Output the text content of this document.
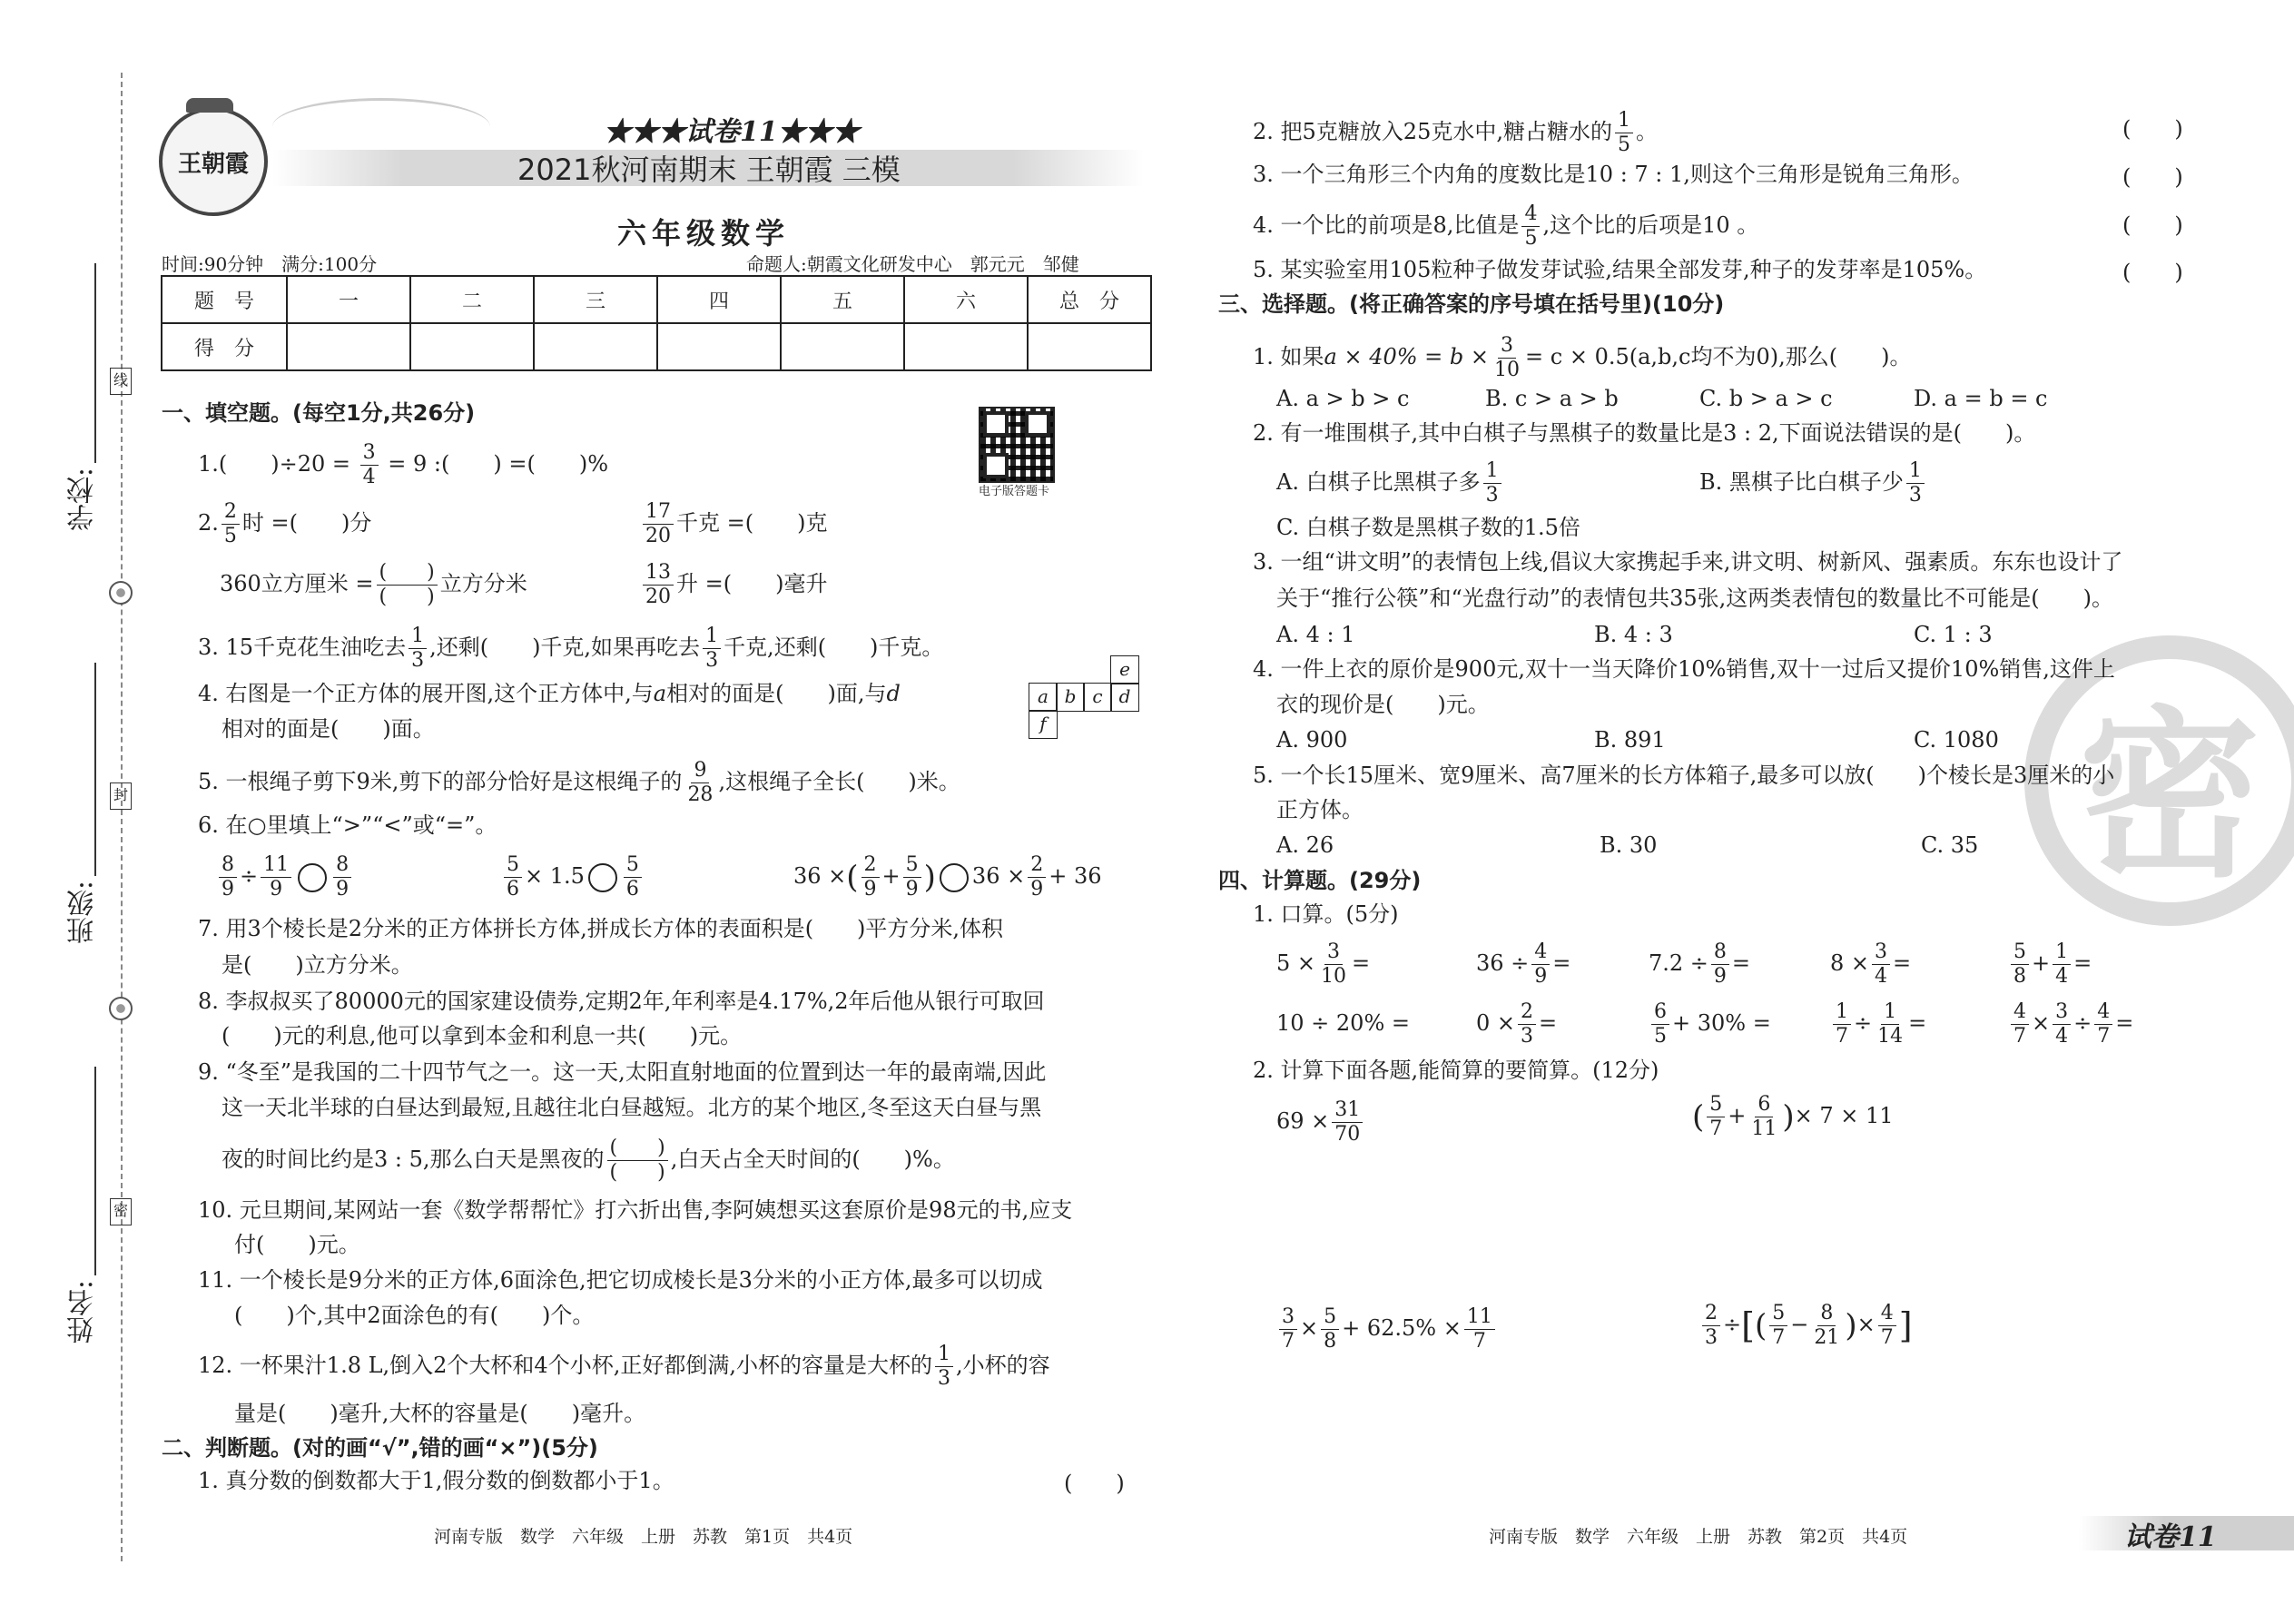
线
封
密
学校:
班级:
姓名:
王朝霞
★★★试卷11★★★
2021秋河南期末 王朝霞 三模
六年级数学
时间:90分钟　满分:100分	命题人:朝霞文化研发中心　郭元元　邹健
题　号	一	二	三	四	五	六	总　分
得　分							
电子版答题卡
一、填空题。(每空1分,共26分)
1.(　　)$\div 20 = \frac{3}{4} = 9$ :(　　) =(　　)%
2. $\frac{2}{5}$ 时 =(　　)分	$\frac{17}{20}$ 千克 =(　　)克
360立方厘米 = $\frac{( )}{( )}$ 立方分米	$\frac{13}{20}$ 升 =(　　)毫升
3. 15千克花生油吃去 $\frac{1}{3}$ ,还剩(　　)千克,如果再吃去 $\frac{1}{3}$ 千克,还剩(　　)千克。
4. 右图是一个正方体的展开图,这个正方体中,与a相对的面是(　　)面,与d
相对的面是(　　)面。
a b c d
e
f
5. 一根绳子剪下9米,剪下的部分恰好是这根绳子的 $\frac{9}{28}$ ,这根绳子全长(　　)米。
6. 在○里填上“>”“<”或“=”。
$\frac{8}{9} \div \frac{11}{9} \frac{8}{9}$	$\frac{5}{6} \times 1.5 \frac{5}{6}$	36 ×( $\frac{2}{9} + \frac{5}{9}$ ) $36 \times \frac{2}{9} + 36$
7. 用3个棱长是2分米的正方体拼长方体,拼成长方体的表面积是(　　)平方分米,体积
是(　　)立方分米。
8. 李叔叔买了80000元的国家建设债券,定期2年,年利率是4.17%,2年后他从银行可取回
(　　)元的利息,他可以拿到本金和利息一共(　　)元。
9. “冬至”是我国的二十四节气之一。这一天,太阳直射地面的位置到达一年的最南端,因此
这一天北半球的白昼达到最短,且越往北白昼越短。北方的某个地区,冬至这天白昼与黑
夜的时间比约是3 : 5,那么白天是黑夜的 $\frac{( )}{( )}$ ,白天占全天时间的(　　)%。
10. 元旦期间,某网站一套《数学帮帮忙》打六折出售,李阿姨想买这套原价是98元的书,应支
付(　　)元。
11. 一个棱长是9分米的正方体,6面涂色,把它切成棱长是3分米的小正方体,最多可以切成
(　　)个,其中2面涂色的有(　　)个。
12. 一杯果汁1.8 L,倒入2个大杯和4个小杯,正好都倒满,小杯的容量是大杯的 $\frac{1}{3}$ ,小杯的容
量是(　　)毫升,大杯的容量是(　　)毫升。
二、判断题。(对的画“√”,错的画“×”)(5分)
1. 真分数的倒数都大于1,假分数的倒数都小于1。	(　　)
2. 把5克糖放入25克水中,糖占糖水的 $\frac{1}{5}$ 。	(　　)
3. 一个三角形三个内角的度数比是10 : 7 : 1,则这个三角形是锐角三角形。	(　　)
4. 一个比的前项是8,比值是 $\frac{4}{5}$ ,这个比的后项是10 。	(　　)
5. 某实验室用105粒种子做发芽试验,结果全部发芽,种子的发芽率是105%。	(　　)
密
三、选择题。(将正确答案的序号填在括号里)(10分)
1. 如果$a \times 40\% = b \times \frac{3}{10} = c \times 0.5(a,b,c$均不为0),那么(　　)。
A. a > b > c	B. c > a > b	C. b > a > c	D. a = b = c
2. 有一堆围棋子,其中白棋子与黑棋子的数量比是3 : 2,下面说法错误的是(　　)。
A. 白棋子比黑棋子多 $\frac{1}{3}$	B. 黑棋子比白棋子少 $\frac{1}{3}$
C. 白棋子数是黑棋子数的1.5倍
3. 一组“讲文明”的表情包上线,倡议大家携起手来,讲文明、树新风、强素质。东东也设计了
关于“推行公筷”和“光盘行动”的表情包共35张,这两类表情包的数量比不可能是(　　)。
A. 4 : 1	B. 4 : 3	C. 1 : 3
4. 一件上衣的原价是900元,双十一当天降价10%销售,双十一过后又提价10%销售,这件上
衣的现价是(　　)元。
A. 900	B. 891	C. 1080
5. 一个长15厘米、宽9厘米、高7厘米的长方体箱子,最多可以放(　　)个棱长是3厘米的小
正方体。
A. 26	B. 30	C. 35
四、计算题。(29分)
1. 口算。(5分)
$5 \times \frac{3}{10}$ =	$36 \div \frac{4}{9}$ =	$7.2 \div \frac{8}{9}$ =	$8 \times \frac{3}{4}$ =	$\frac{5}{8} + \frac{1}{4}$ =
10 ÷ 20% =	$0 \times \frac{2}{3}$ =	$\frac{6}{5} + 30\%$ =	$\frac{1}{7} \div \frac{1}{14}$ =	$\frac{4}{7} \times \frac{3}{4} \div \frac{4}{7}$ =
2. 计算下面各题,能简算的要简算。(12分)
$69 \times \frac{31}{70}$	( $\frac{5}{7} + \frac{6}{11}$ )× 7 × 11
$\frac{3}{7} \times \frac{5}{8} + 62.5\% \times \frac{11}{7}$	$\frac{2}{3}$ ÷[( $\frac{5}{7} - \frac{8}{21}$ )× $\frac{4}{7}$ ]
河南专版　数学　六年级　上册　苏教　第1页　共4页	河南专版　数学　六年级　上册　苏教　第2页　共4页	试卷11
